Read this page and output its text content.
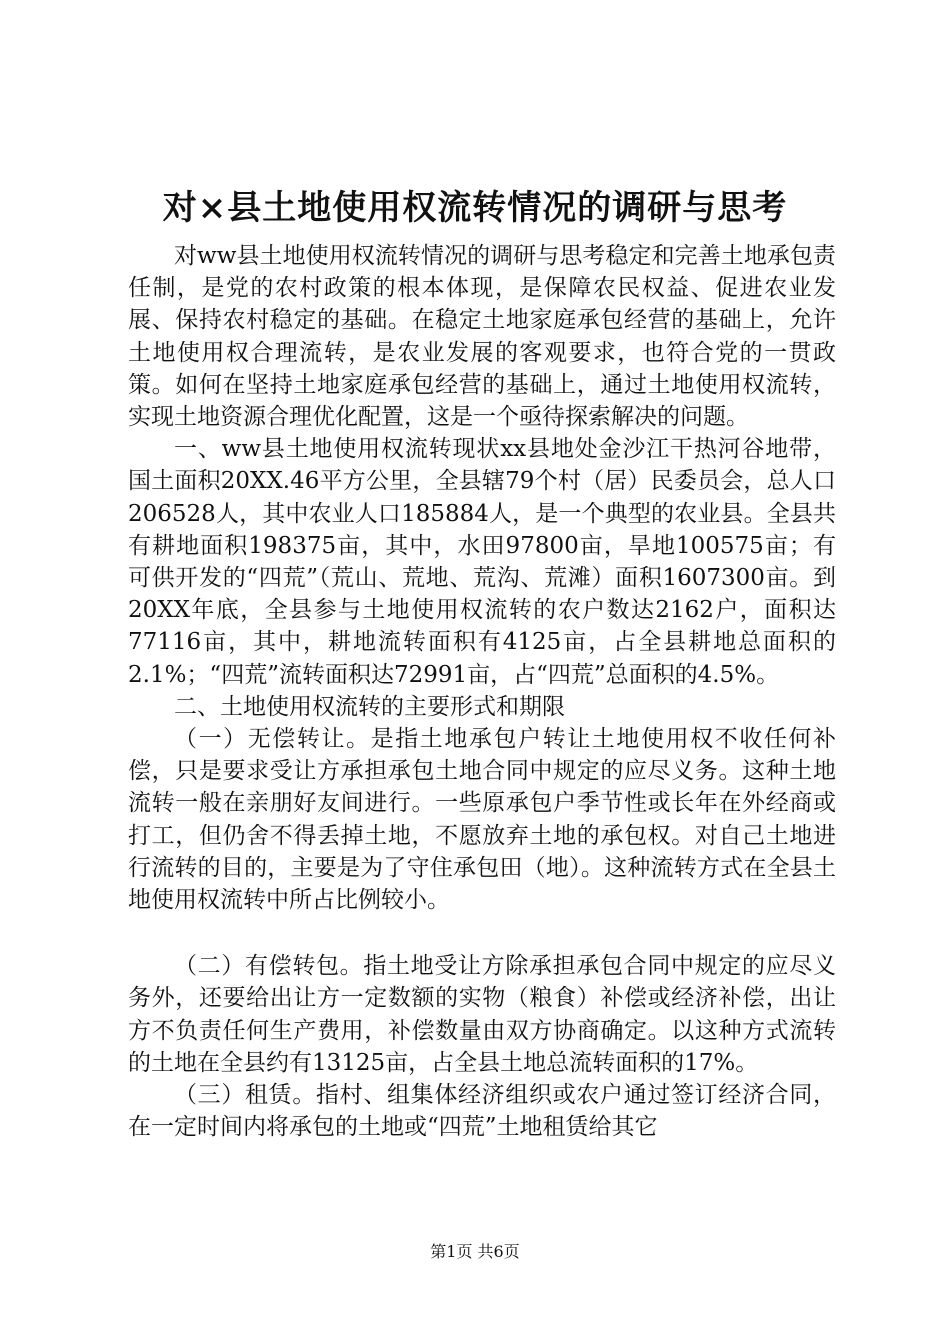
对×县土地使用权流转情况的调研与思考

对ww县土地使用权流转情况的调研与思考稳定和完善土地承包责任制，是党的农村政策的根本体现，是保障农民权益、促进农业发展、保持农村稳定的基础。在稳定土地家庭承包经营的基础上，允许土地使用权合理流转，是农业发展的客观要求，也符合党的一贯政策。如何在坚持土地家庭承包经营的基础上，通过土地使用权流转，实现土地资源合理优化配置，这是一个亟待探索解决的问题。

一、ww县土地使用权流转现状xx县地处金沙江干热河谷地带，国土面积20XX.46平方公里，全县辖79个村（居）民委员会，总人口206528人，其中农业人口185884人，是一个典型的农业县。全县共有耕地面积198375亩，其中，水田97800亩，旱地100575亩；有可供开发的“四荒”（荒山、荒地、荒沟、荒滩）面积1607300亩。到20XX年底，全县参与土地使用权流转的农户数达2162户，面积达77116亩，其中，耕地流转面积有4125亩，占全县耕地总面积的2.1%；“四荒”流转面积达72991亩，占“四荒”总面积的4.5%。

二、土地使用权流转的主要形式和期限

（一）无偿转让。是指土地承包户转让土地使用权不收任何补偿，只是要求受让方承担承包土地合同中规定的应尽义务。这种土地流转一般在亲朋好友间进行。一些原承包户季节性或长年在外经商或打工，但仍舍不得丢掉土地，不愿放弃土地的承包权。对自己土地进行流转的目的，主要是为了守住承包田（地）。这种流转方式在全县土地使用权流转中所占比例较小。

（二）有偿转包。指土地受让方除承担承包合同中规定的应尽义务外，还要给出让方一定数额的实物（粮食）补偿或经济补偿，出让方不负责任何生产费用，补偿数量由双方协商确定。以这种方式流转的土地在全县约有13125亩，占全县土地总流转面积的17%。

（三）租赁。指村、组集体经济组织或农户通过签订经济合同，在一定时间内将承包的土地或“四荒”土地租赁给其它

第1页 共6页
